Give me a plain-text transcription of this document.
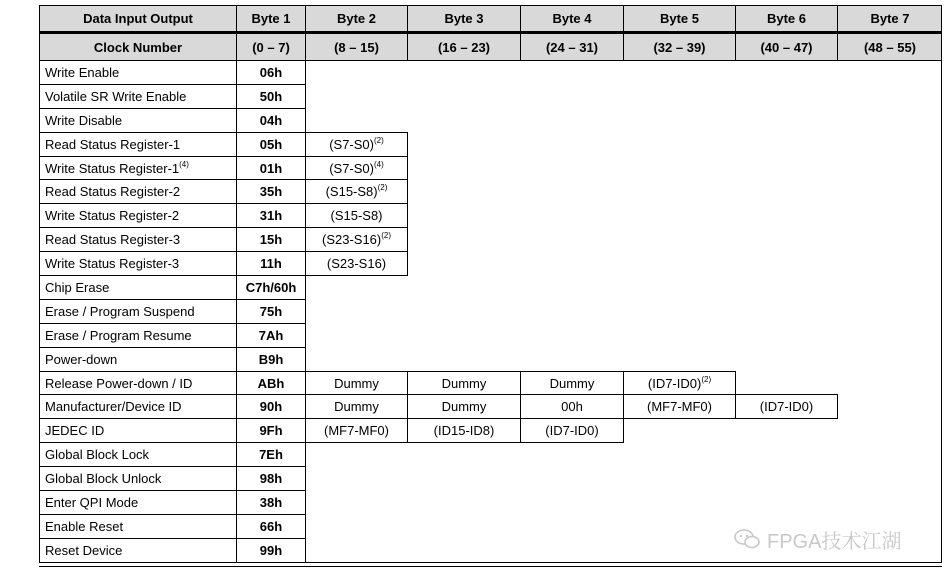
Data Input Output	Byte 1	Byte 2	Byte 3	Byte 4	Byte 5	Byte 6	Byte 7
Clock Number	(0 – 7)	(8 – 15)	(16 – 23)	(24 – 31)	(32 – 39)	(40 – 47)	(48 – 55)
Write Enable	06h						
Volatile SR Write Enable	50h						
Write Disable	04h						
Read Status Register-1	05h	$(S7-S0)^{(2)}$					
Write Status Register-1$^{(4)}$	01h	$(S7-S0)^{(4)}$					
Read Status Register-2	35h	$(S15-S8)^{(2)}$					
Write Status Register-2	31h	(S15-S8)					
Read Status Register-3	15h	$(S23-S16)^{(2)}$					
Write Status Register-3	11h	(S23-S16)					
Chip Erase	C7h/60h						
Erase / Program Suspend	75h						
Erase / Program Resume	7Ah						
Power-down	B9h						
Release Power-down / ID	ABh	Dummy	Dummy	Dummy	$(ID7-ID0)^{(2)}$		
Manufacturer/Device ID	90h	Dummy	Dummy	00h	(MF7-MF0)	(ID7-ID0)	
JEDEC ID	9Fh	(MF7-MF0)	(ID15-ID8)	(ID7-ID0)			
Global Block Lock	7Eh						
Global Block Unlock	98h						
Enter QPI Mode	38h						
Enable Reset	66h						
Reset Device	99h							FPGA技术江湖
